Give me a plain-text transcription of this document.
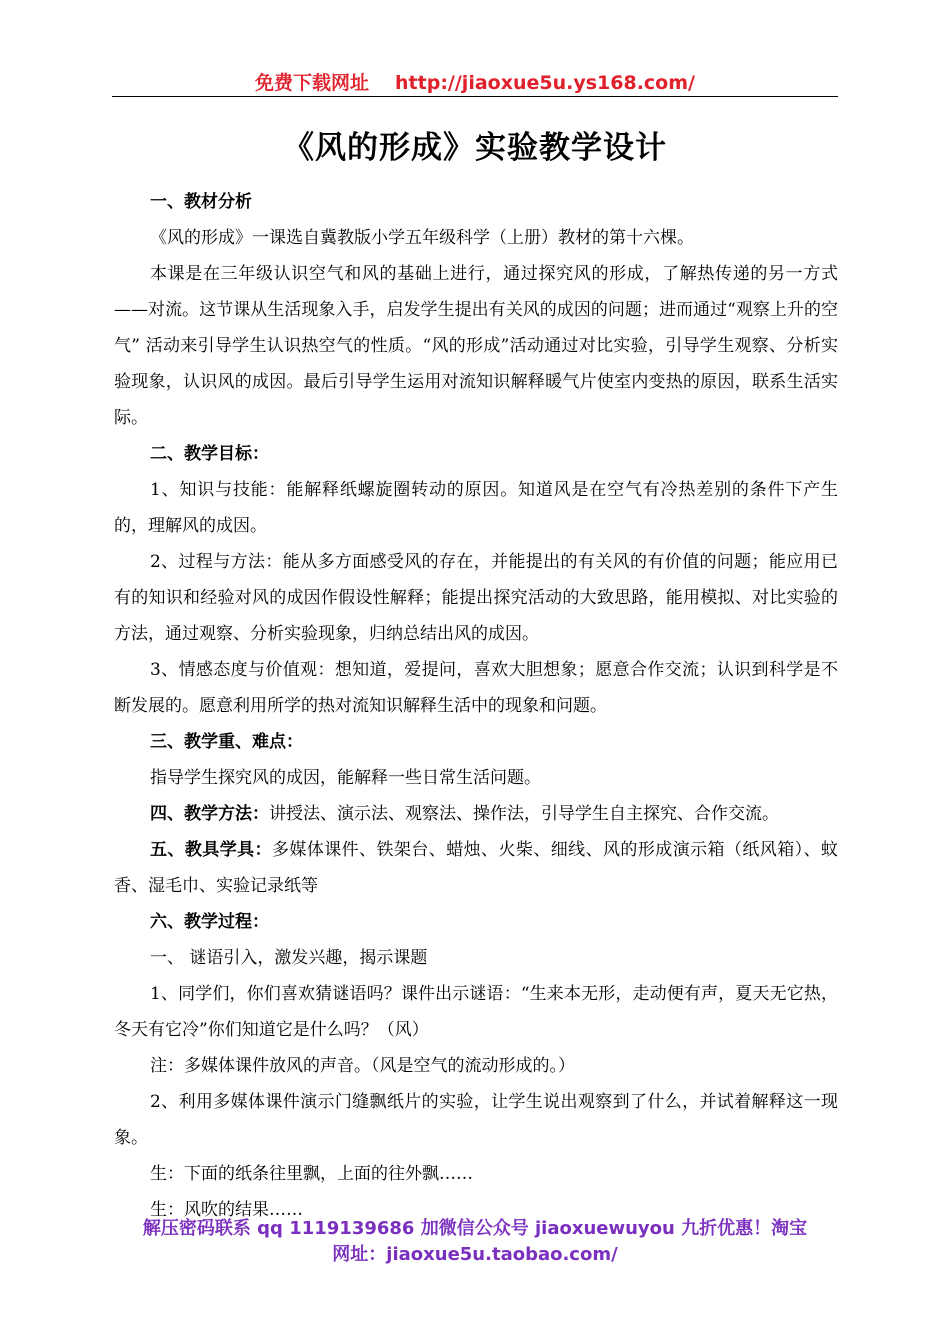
免费下载网址 http://jiaoxue5u.ys168.com/
《风的形成》实验教学设计

一、教材分析

《风的形成》一课选自冀教版小学五年级科学（上册）教材的第十六棵。

本课是在三年级认识空气和风的基础上进行，通过探究风的形成，了解热传递的另一方式——对流。这节课从生活现象入手，启发学生提出有关风的成因的问题；进而通过“观察上升的空气” 活动来引导学生认识热空气的性质。“风的形成”活动通过对比实验，引导学生观察、分析实验现象，认识风的成因。最后引导学生运用对流知识解释暖气片使室内变热的原因，联系生活实际。

二、教学目标：

1、知识与技能：能解释纸螺旋圈转动的原因。知道风是在空气有冷热差别的条件下产生的，理解风的成因。

2、过程与方法：能从多方面感受风的存在，并能提出的有关风的有价值的问题；能应用已有的知识和经验对风的成因作假设性解释；能提出探究活动的大致思路，能用模拟、对比实验的方法，通过观察、分析实验现象，归纳总结出风的成因。

3、情感态度与价值观：想知道，爱提问，喜欢大胆想象；愿意合作交流；认识到科学是不断发展的。愿意利用所学的热对流知识解释生活中的现象和问题。

三、教学重、难点：

指导学生探究风的成因，能解释一些日常生活问题。

四、教学方法：讲授法、演示法、观察法、操作法，引导学生自主探究、合作交流。

五、教具学具：多媒体课件、铁架台、蜡烛、火柴、细线、风的形成演示箱（纸风箱）、蚊香、湿毛巾、实验记录纸等

六、教学过程：

一、 谜语引入，激发兴趣，揭示课题

1、同学们，你们喜欢猜谜语吗？课件出示谜语：“生来本无形，走动便有声，夏天无它热，冬天有它冷”你们知道它是什么吗？（风）

注：多媒体课件放风的声音。（风是空气的流动形成的。）

2、利用多媒体课件演示门缝飘纸片的实验，让学生说出观察到了什么，并试着解释这一现象。

生：下面的纸条往里飘，上面的往外飘……

生：风吹的结果……

解压密码联系 qq 1119139686 加微信公众号 jiaoxuewuyou 九折优惠！淘宝
网址：jiaoxue5u.taobao.com/
